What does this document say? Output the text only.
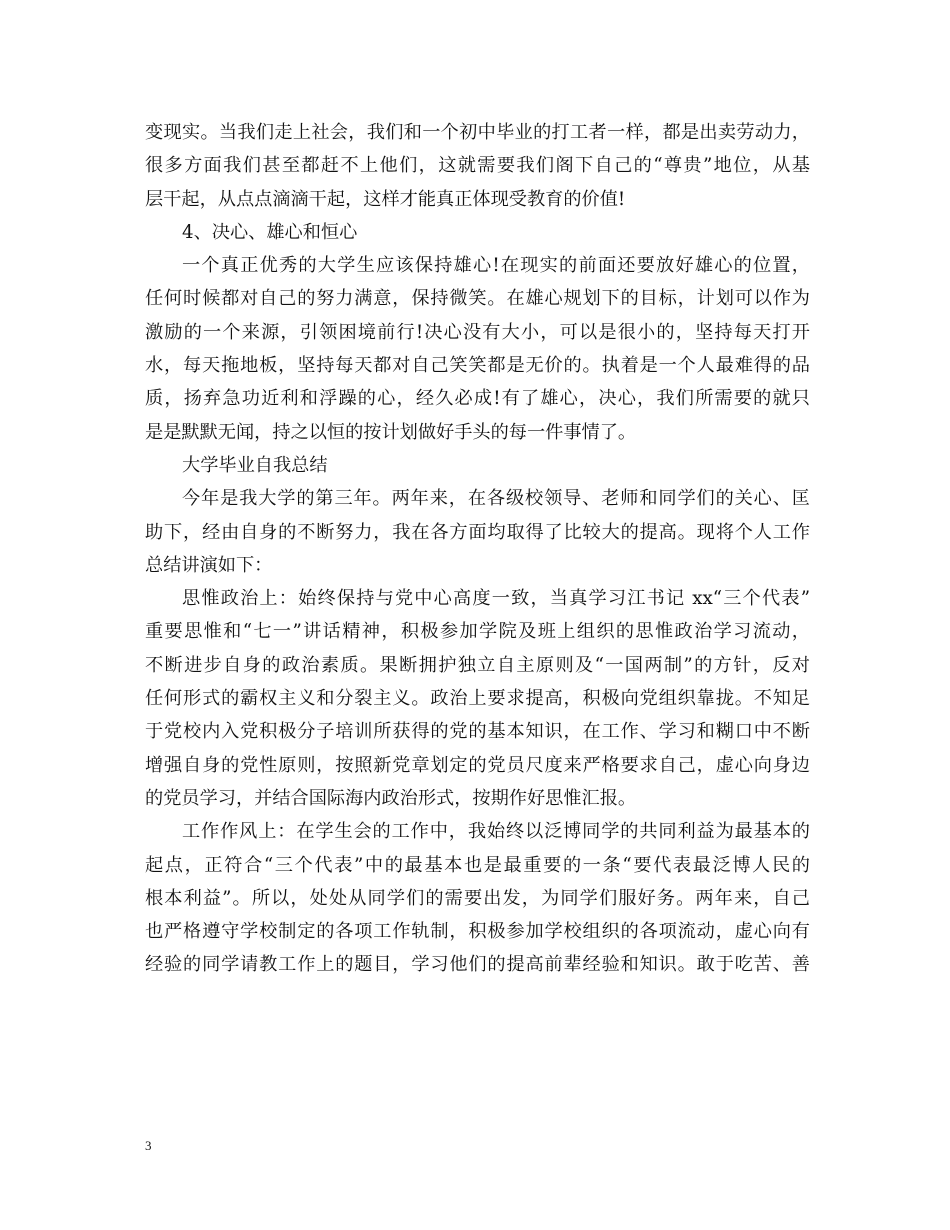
变现实。当我们走上社会，我们和一个初中毕业的打工者一样，都是出卖劳动力，
很多方面我们甚至都赶不上他们，这就需要我们阁下自己的“尊贵”地位，从基
层干起，从点点滴滴干起，这样才能真正体现受教育的价值!
4、决心、雄心和恒心
一个真正优秀的大学生应该保持雄心!在现实的前面还要放好雄心的位置，
任何时候都对自己的努力满意，保持微笑。在雄心规划下的目标，计划可以作为
激励的一个来源，引领困境前行!决心没有大小，可以是很小的，坚持每天打开
水，每天拖地板，坚持每天都对自己笑笑都是无价的。执着是一个人最难得的品
质，扬弃急功近利和浮躁的心，经久必成!有了雄心，决心，我们所需要的就只
是是默默无闻，持之以恒的按计划做好手头的每一件事情了。
大学毕业自我总结
今年是我大学的第三年。两年来，在各级校领导、老师和同学们的关心、匡
助下，经由自身的不断努力，我在各方面均取得了比较大的提高。现将个人工作
总结讲演如下：
思惟政治上：始终保持与党中心高度一致，当真学习江书记 xx“三个代表”
重要思惟和“七一”讲话精神，积极参加学院及班上组织的思惟政治学习流动，
不断进步自身的政治素质。果断拥护独立自主原则及“一国两制”的方针，反对
任何形式的霸权主义和分裂主义。政治上要求提高，积极向党组织靠拢。不知足
于党校内入党积极分子培训所获得的党的基本知识，在工作、学习和糊口中不断
增强自身的党性原则，按照新党章划定的党员尺度来严格要求自己，虚心向身边
的党员学习，并结合国际海内政治形式，按期作好思惟汇报。
工作作风上：在学生会的工作中，我始终以泛博同学的共同利益为最基本的
起点，正符合“三个代表”中的最基本也是最重要的一条“要代表最泛博人民的
根本利益”。所以，处处从同学们的需要出发，为同学们服好务。两年来，自己
也严格遵守学校制定的各项工作轨制，积极参加学校组织的各项流动，虚心向有
经验的同学请教工作上的题目，学习他们的提高前辈经验和知识。敢于吃苦、善
3
